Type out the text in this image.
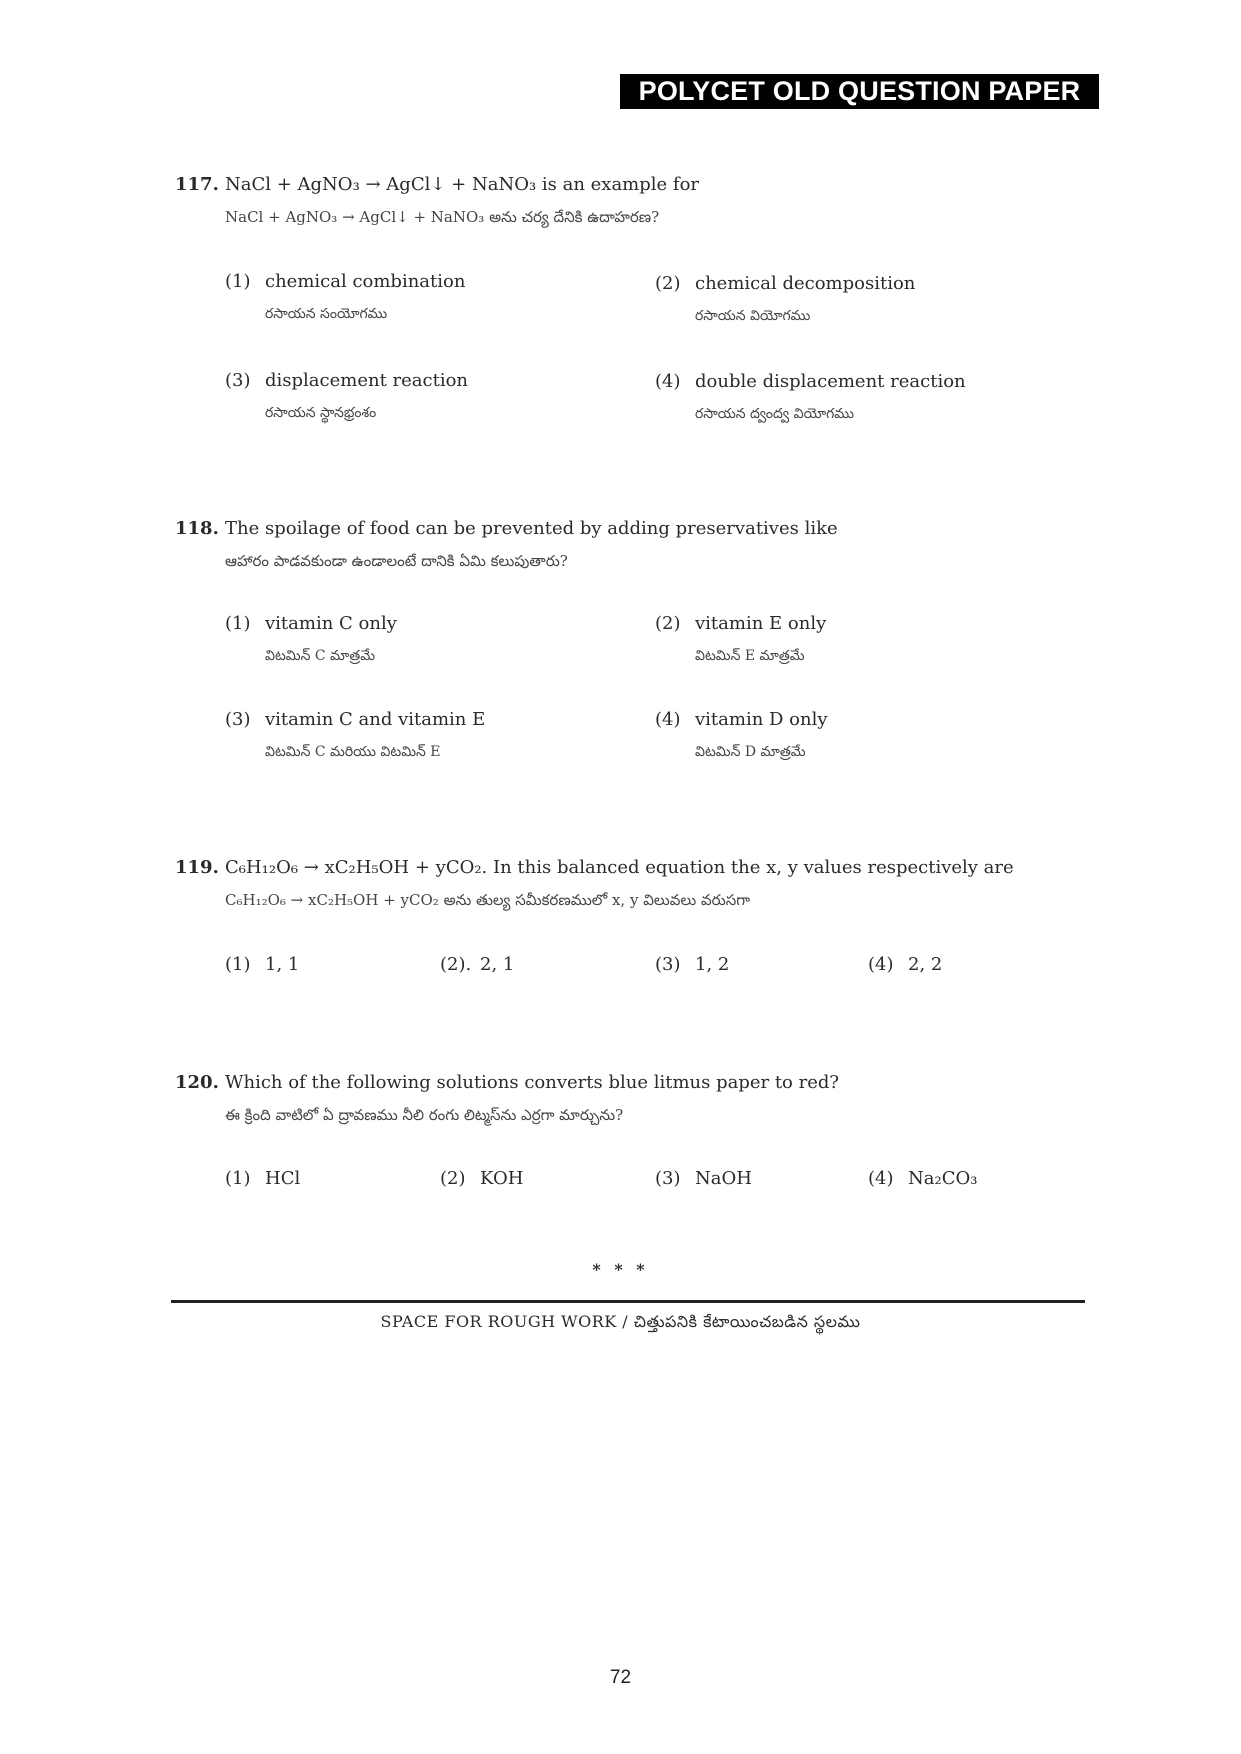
POLYCET OLD QUESTION PAPER
117. NaCl + AgNO₃ → AgCl↓ + NaNO₃ is an example for
NaCl + AgNO₃ → AgCl↓ + NaNO₃ అను చర్య దేనికి ఉదాహరణ?
(1) chemical combination
రసాయన సంయోగము
(2) chemical decomposition
రసాయన వియోగము
(3) displacement reaction
రసాయన స్థానభ్రంశం
(4) double displacement reaction
రసాయన ద్వంద్వ వియోగము
118. The spoilage of food can be prevented by adding preservatives like
ఆహారం పాడవకుండా ఉండాలంటే దానికి ఏమి కలుపుతారు?
(1) vitamin C only
విటమిన్ C మాత్రమే
(2) vitamin E only
విటమిన్ E మాత్రమే
(3) vitamin C and vitamin E
విటమిన్ C మరియు విటమిన్ E
(4) vitamin D only
విటమిన్ D మాత్రమే
119. C₆H₁₂O₆ → xC₂H₅OH + yCO₂. In this balanced equation the x, y values respectively are
C₆H₁₂O₆ → xC₂H₅OH + yCO₂ అను తుల్య సమీకరణములో x, y విలువలు వరుసగా
(1) 1, 1	(2). 2, 1	(3) 1, 2	(4) 2, 2
120. Which of the following solutions converts blue litmus paper to red?
ఈ క్రింది వాటిలో ఏ ద్రావణము నీలి రంగు లిట్మస్‌ను ఎర్రగా మార్చును?
(1) HCl	(2) KOH	(3) NaOH	(4) Na₂CO₃
* * *
SPACE FOR ROUGH WORK / చిత్తుపనికి కేటాయించబడిన స్థలము
72
